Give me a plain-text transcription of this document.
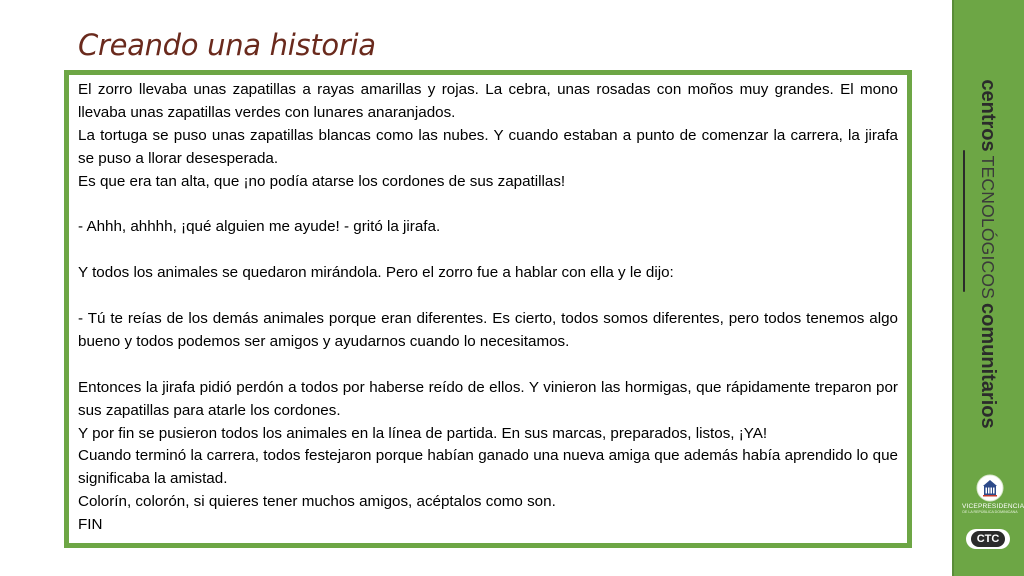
Creando una historia

El zorro llevaba unas zapatillas a rayas amarillas y rojas. La cebra, unas rosadas con moños muy grandes. El mono llevaba unas zapatillas verdes con lunares anaranjados.

La tortuga se puso unas zapatillas blancas como las nubes. Y cuando estaban a punto de comenzar la carrera, la jirafa se puso a llorar desesperada.

Es que era tan alta, que ¡no podía atarse los cordones de sus zapatillas!

- Ahhh, ahhhh, ¡qué alguien me ayude! - gritó la jirafa.

Y todos los animales se quedaron mirándola. Pero el zorro fue a hablar con ella y le dijo:

- Tú te reías de los demás animales porque eran diferentes. Es cierto, todos somos diferentes, pero todos tenemos algo bueno y todos podemos ser amigos y ayudarnos cuando lo necesitamos.

Entonces la jirafa pidió perdón a todos por haberse reído de ellos. Y vinieron las hormigas, que rápidamente treparon por sus zapatillas para atarle los cordones.

Y por fin se pusieron todos los animales en la línea de partida. En sus marcas, preparados, listos, ¡YA!

Cuando terminó la carrera, todos festejaron porque habían ganado una nueva amiga que además había aprendido lo que significaba la amistad.

Colorín, colorón, si quieres tener muchos amigos, acéptalos como son.

FIN

centrosTECNOLÓGICOScomunitarios
VICEPRESIDENCIA
DE LA REPÚBLICA DOMINICANA
CTC
